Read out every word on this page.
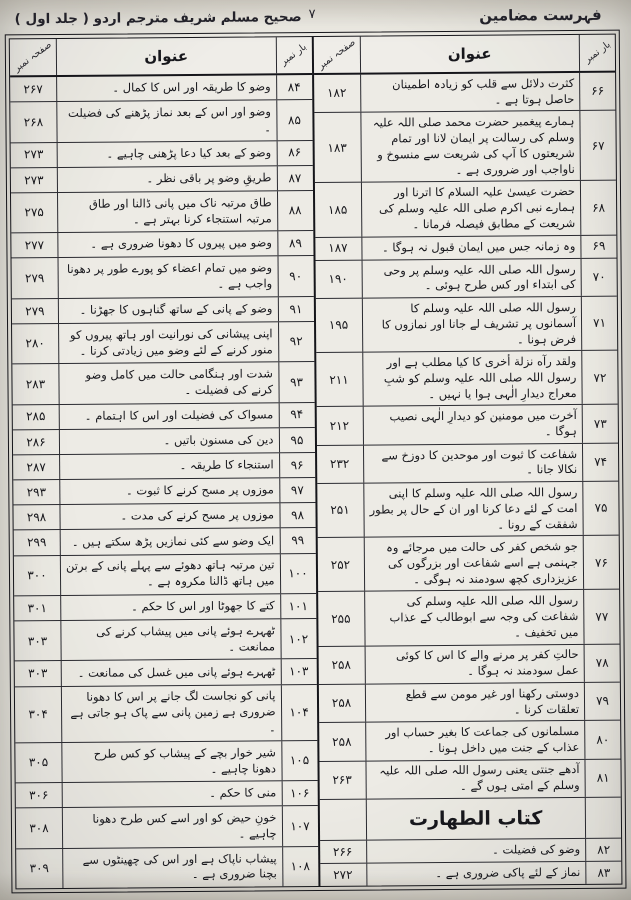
فہرست مضامین
۷
صحيح مسلم شریف مترجم اردو ( جلد اول )
بار نمبر
عنوان
صفحہ نمبر
۶۶
کثرت دلائل سے قلب کو زیادہ اطمینان حاصل ہوتا ہے ۔
۱۸۲
۶۷
ہمارے پیغمبر حضرت محمد صلی اللہ علیہ وسلم کی رسالت پر ایمان لانا اور تمام شریعتوں کا آپ کی شریعت سے منسوخ و ناواجب اور ضروری ہے ۔
۱۸۳
۶۸
حضرت عیسیٰ علیہ السلام کا اترنا اور ہمارے نبی اکرم صلی اللہ علیہ وسلم کی شریعت کے مطابق فیصلہ فرمانا ۔
۱۸۵
۶۹
وہ زمانہ جس میں ایمان قبول نہ ہوگا ۔
۱۸۷
۷۰
رسول اللہ صلی اللہ علیہ وسلم پر وحی کی ابتداء اور کس طرح ہوئی ۔
۱۹۰
۷۱
رسول اللہ صلی اللہ علیہ وسلم کا آسمانوں پر تشریف لے جانا اور نمازوں کا فرض ہونا ۔
۱۹۵
۷۲
ولقد رآه نزلة أخرى کا کیا مطلب ہے اور رسول اللہ صلی اللہ علیہ وسلم کو شبِ معراج دیدارِ الٰہی ہوا یا نہیں ۔
۲۱۱
۷۳
آخرت میں مومنین کو دیدارِ الٰہی نصیب ہوگا ۔
۲۱۲
۷۴
شفاعت کا ثبوت اور موحدین کا دوزخ سے نکالا جانا ۔
۲۳۲
۷۵
رسول اللہ صلی اللہ علیہ وسلم کا اپنی امت کے لئے دعا کرنا اور ان کے حال پر بطور شفقت کے رونا ۔
۲۵۱
۷۶
جو شخص کفر کی حالت میں مرجائے وہ جہنمی ہے اسے شفاعت اور بزرگوں کی عزیزداری کچھ سودمند نہ ہوگی ۔
۲۵۲
۷۷
رسول اللہ صلی اللہ علیہ وسلم کی شفاعت کی وجہ سے ابوطالب کے عذاب میں تخفیف ۔
۲۵۵
۷۸
حالتِ کفر پر مرنے والے کا اس کا کوئی عمل سودمند نہ ہوگا ۔
۲۵۸
۷۹
دوستی رکھنا اور غیر مومن سے قطع تعلقات کرنا ۔
۲۵۸
۸۰
مسلمانوں کی جماعت کا بغیر حساب اور عذاب کے جنت میں داخل ہونا ۔
۲۵۸
۸۱
آدھے جنتی یعنی رسول اللہ صلی اللہ علیہ وسلم کے امتی ہوں گے ۔
۲۶۳
كتاب الطهارت
۸۲
وضو کی فضیلت ۔
۲۶۶
۸۳
نماز کے لئے پاکی ضروری ہے ۔
۲۷۲
بار نمبر
عنوان
صفحہ نمبر
۸۴
وضو کا طریقہ اور اس کا کمال ۔
۲۶۷
۸۵
وضو اور اس کے بعد نماز پڑھنے کی فضیلت ۔
۲۶۸
۸۶
وضو کے بعد کیا دعا پڑھنی چاہیے ۔
۲۷۳
۸۷
طریقِ وضو پر باقی نظر ۔
۲۷۳
۸۸
طاق مرتبہ ناک میں پانی ڈالنا اور طاق مرتبہ استنجاء کرنا بہتر ہے ۔
۲۷۵
۸۹
وضو میں پیروں کا دھونا ضروری ہے ۔
۲۷۷
۹۰
وضو میں تمام اعضاء کو پورے طور پر دھونا واجب ہے ۔
۲۷۹
۹۱
وضو کے پانی کے ساتھ گناہوں کا جھڑنا ۔
۲۷۹
۹۲
اپنی پیشانی کی نورانیت اور ہاتھ پیروں کو منور کرنے کے لئے وضو میں زیادتی کرنا ۔
۲۸۰
۹۳
شدت اور ہنگامی حالت میں کامل وضو کرنے کی فضیلت ۔
۲۸۳
۹۴
مسواک کی فضیلت اور اس کا اہتمام ۔
۲۸۵
۹۵
دین کی مسنون باتیں ۔
۲۸۶
۹۶
استنجاء کا طریقہ ۔
۲۸۷
۹۷
موزوں پر مسح کرنے کا ثبوت ۔
۲۹۳
۹۸
موزوں پر مسح کرنے کی مدت ۔
۲۹۸
۹۹
ایک وضو سے کئی نمازیں پڑھ سکتے ہیں ۔
۲۹۹
۱۰۰
تین مرتبہ ہاتھ دھوئے سے پہلے پانی کے برتن میں ہاتھ ڈالنا مکروہ ہے ۔
۳۰۰
۱۰۱
کتے کا جھوٹا اور اس کا حکم ۔
۳۰۱
۱۰۲
ٹھہرے ہوئے پانی میں پیشاب کرنے کی ممانعت ۔
۳۰۳
۱۰۳
ٹھہرے ہوئے پانی میں غسل کی ممانعت ۔
۳۰۳
۱۰۴
پانی کو نجاست لگ جانے پر اس کا دھونا ضروری ہے زمین پانی سے پاک ہو جاتی ہے ۔
۳۰۴
۱۰۵
شیر خوار بچے کے پیشاب کو کس طرح دھونا چاہیے ۔
۳۰۵
۱۰۶
منی کا حکم ۔
۳۰۶
۱۰۷
خونِ حیض کو اور اسے کس طرح دھونا چاہیے ۔
۳۰۸
۱۰۸
پیشاب ناپاک ہے اور اس کی چھینٹوں سے بچنا ضروری ہے ۔
۳۰۹
